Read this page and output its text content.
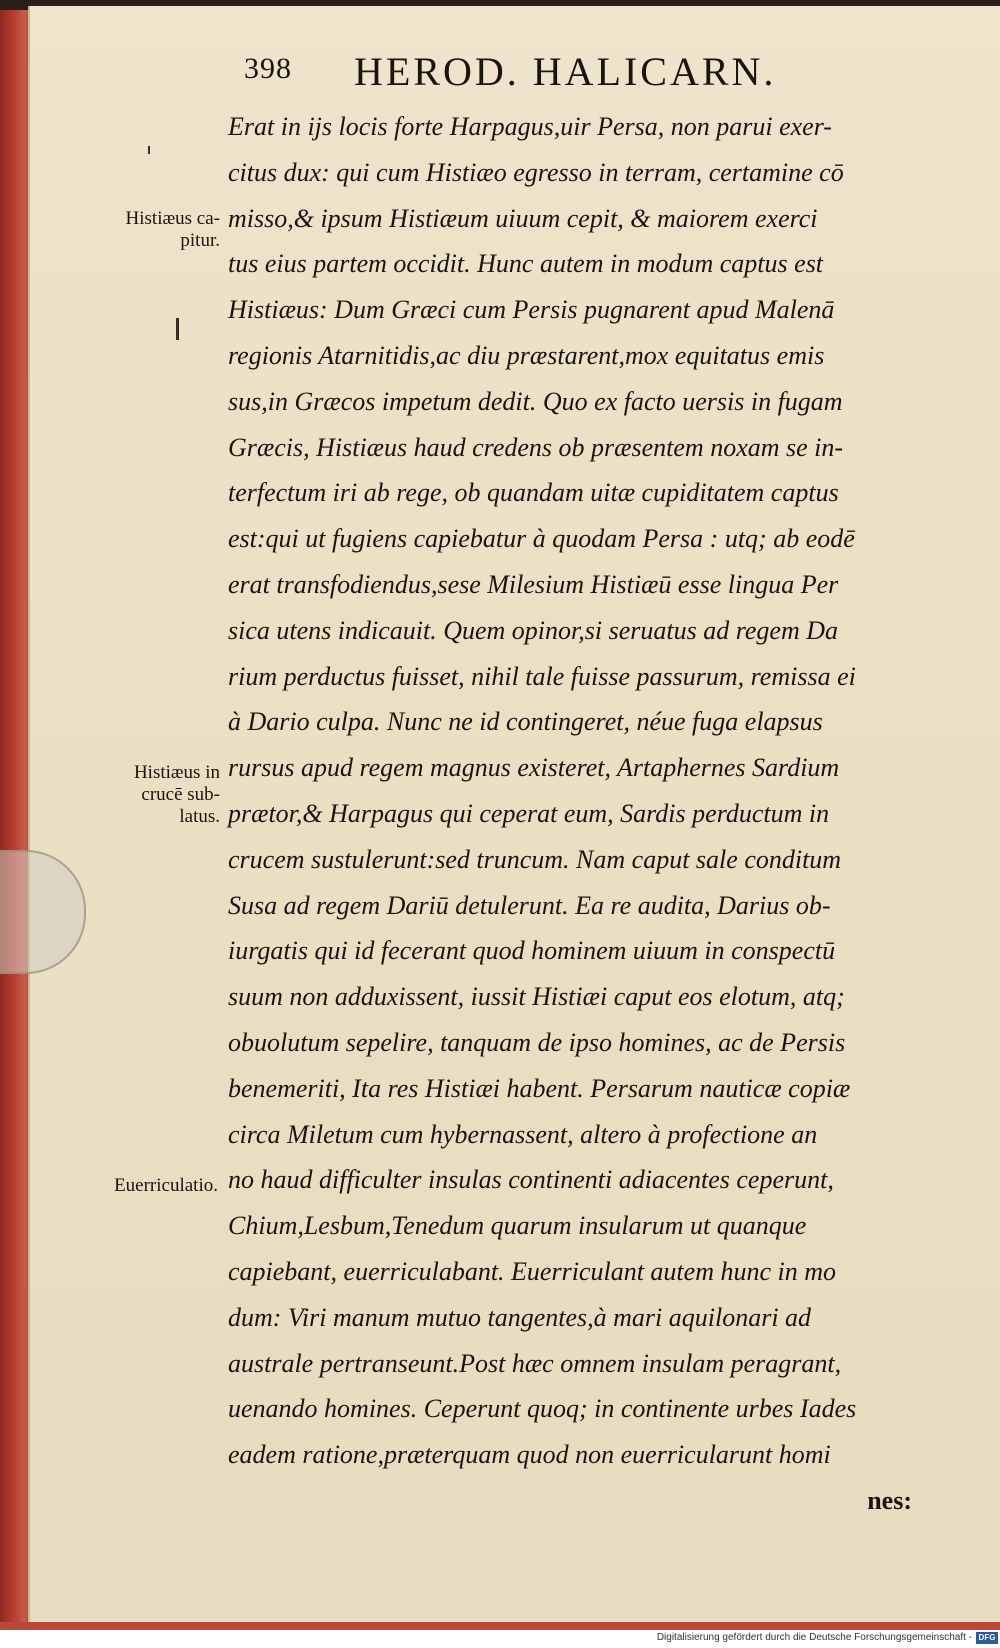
398 HEROD. HALICARN.
Histiæus ca-
pitur.
Histiæus in
crucē sub-
latus.
Euerriculatio.
Erat in ijs locis forte Harpagus,uir Persa, non parui exer-
citus dux: qui cum Histiæo egresso in terram, certamine cō
misso,& ipsum Histiæum uiuum cepit, & maiorem exerci
tus eius partem occidit. Hunc autem in modum captus est
Histiæus: Dum Græci cum Persis pugnarent apud Malenā
regionis Atarnitidis,ac diu præstarent,mox equitatus emis
sus,in Græcos impetum dedit. Quo ex facto uersis in fugam
Græcis, Histiæus haud credens ob præsentem noxam se in-
terfectum iri ab rege, ob quandam uitæ cupiditatem captus
est:qui ut fugiens capiebatur à quodam Persa : utq; ab eodē
erat transfodiendus,sese Milesium Histiæū esse lingua Per
sica utens indicauit. Quem opinor,si seruatus ad regem Da
rium perductus fuisset, nihil tale fuisse passurum, remissa ei
à Dario culpa. Nunc ne id contingeret, néue fuga elapsus
rursus apud regem magnus existeret, Artaphernes Sardium
prætor,& Harpagus qui ceperat eum, Sardis perductum in
crucem sustulerunt:sed truncum. Nam caput sale conditum
Susa ad regem Dariū detulerunt. Ea re audita, Darius ob-
iurgatis qui id fecerant quod hominem uiuum in conspectū
suum non adduxissent, iussit Histiæi caput eos elotum, atq;
obuolutum sepelire, tanquam de ipso homines, ac de Persis
benemeriti, Ita res Histiæi habent. Persarum nauticæ copiæ
circa Miletum cum hybernassent, altero à profectione an
no haud difficulter insulas continenti adiacentes ceperunt,
Chium,Lesbum,Tenedum quarum insularum ut quanque
capiebant, euerriculabant. Euerriculant autem hunc in mo
dum: Viri manum mutuo tangentes,à mari aquilonari ad
australe pertranseunt.Post hæc omnem insulam peragrant,
uenando homines. Ceperunt quoq; in continente urbes Iades
eadem ratione,præterquam quod non euerricularunt homi
nes:
Digitalisierung gefördert durch die Deutsche Forschungsgemeinschaft - DFG
